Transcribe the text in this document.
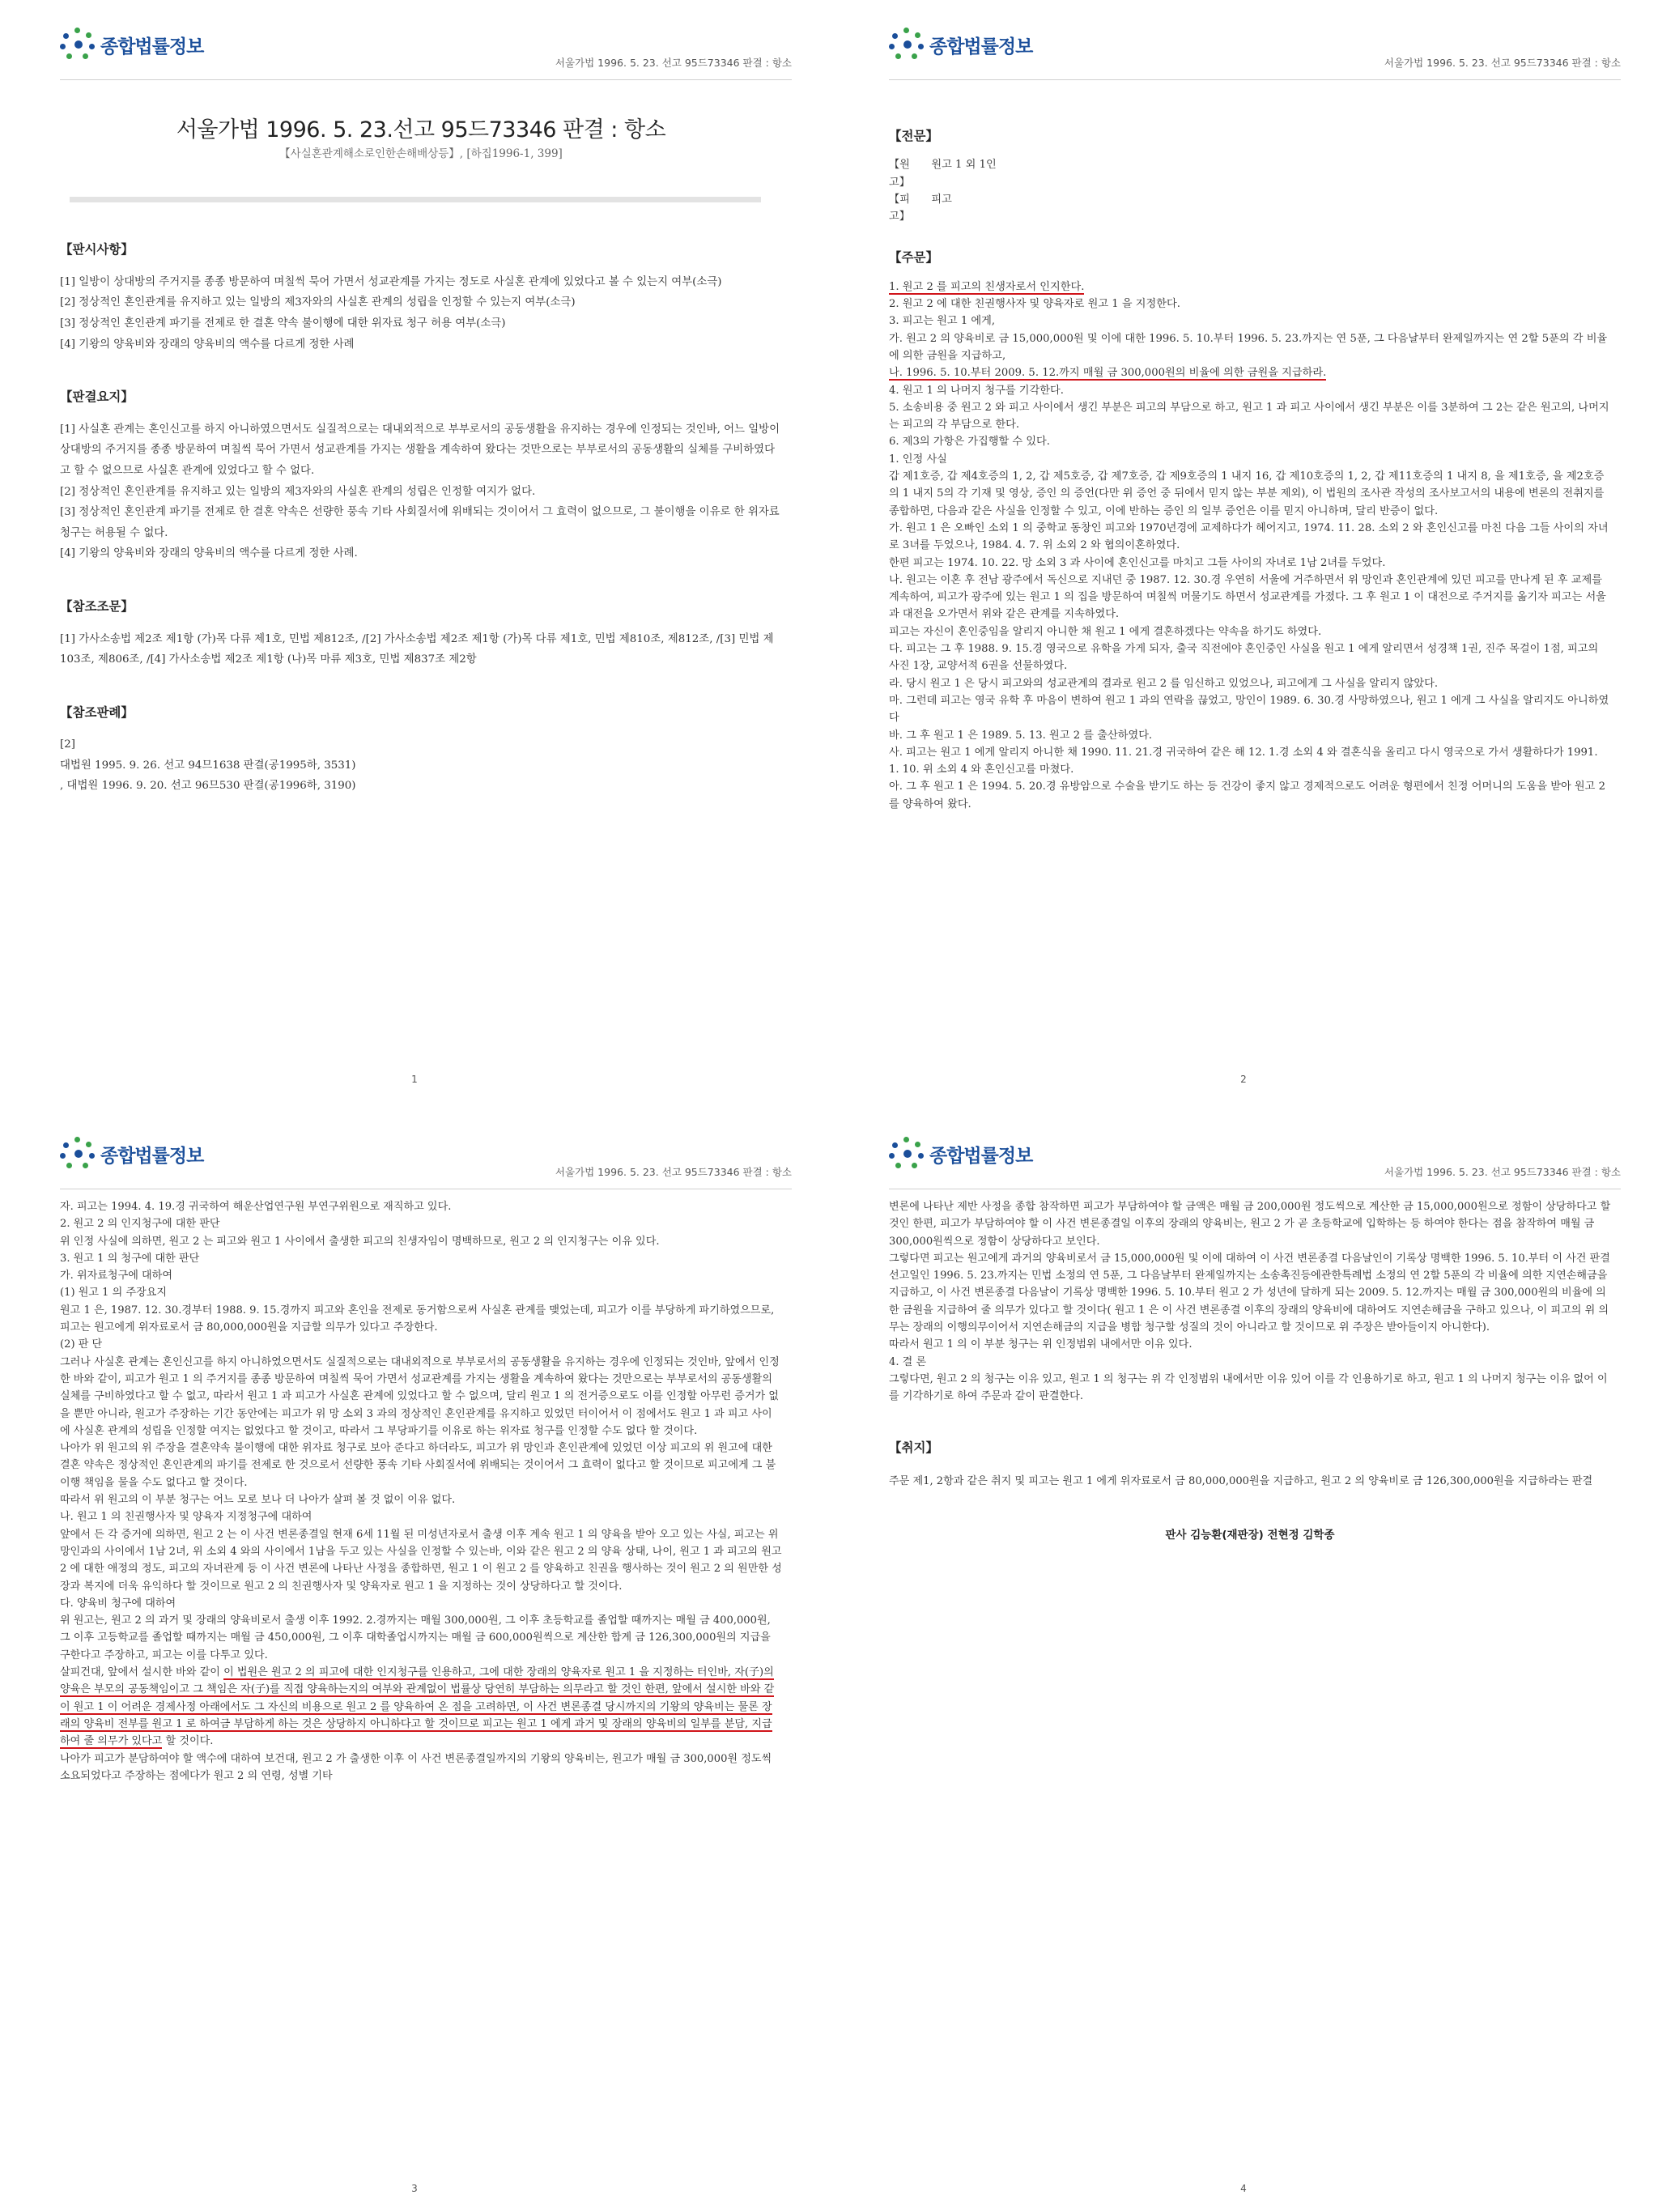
종합법률정보
서울가법 1996. 5. 23. 선고 95드73346 판결 : 항소
서울가법 1996. 5. 23.선고 95드73346 판결 : 항소
【사실혼관계해소로인한손해배상등】, [하집1996-1, 399]
【판시사항】

[1] 일방이 상대방의 주거지를 종종 방문하여 며칠씩 묵어 가면서 성교관계를 가지는 정도로 사실혼 관계에 있었다고 볼 수 있는지 여부(소극)

[2] 정상적인 혼인관계를 유지하고 있는 일방의 제3자와의 사실혼 관계의 성립을 인정할 수 있는지 여부(소극)

[3] 정상적인 혼인관계 파기를 전제로 한 결혼 약속 불이행에 대한 위자료 청구 허용 여부(소극)

[4] 기왕의 양육비와 장래의 양육비의 액수를 다르게 정한 사례

【판결요지】

[1] 사실혼 관계는 혼인신고를 하지 아니하였으면서도 실질적으로는 대내외적으로 부부로서의 공동생활을 유지하는 경우에 인정되는 것인바, 어느 일방이 상대방의 주거지를 종종 방문하여 며칠씩 묵어 가면서 성교관계를 가지는 생활을 계속하여 왔다는 것만으로는 부부로서의 공동생활의 실체를 구비하였다고 할 수 없으므로 사실혼 관계에 있었다고 할 수 없다.

[2] 정상적인 혼인관계를 유지하고 있는 일방의 제3자와의 사실혼 관계의 성립은 인정할 여지가 없다.

[3] 정상적인 혼인관계 파기를 전제로 한 결혼 약속은 선량한 풍속 기타 사회질서에 위배되는 것이어서 그 효력이 없으므로, 그 불이행을 이유로 한 위자료 청구는 허용될 수 없다.

[4] 기왕의 양육비와 장래의 양육비의 액수를 다르게 정한 사례.

【참조조문】

[1] 가사소송법 제2조 제1항 (가)목 다류 제1호, 민법 제812조, /[2] 가사소송법 제2조 제1항 (가)목 다류 제1호, 민법 제810조, 제812조, /[3] 민법 제103조, 제806조, /[4] 가사소송법 제2조 제1항 (나)목 마류 제3호, 민법 제837조 제2항

【참조판례】

[2]

대법원 1995. 9. 26. 선고 94므1638 판결(공1995하, 3531)

, 대법원 1996. 9. 20. 선고 96므530 판결(공1996하, 3190)

1
종합법률정보
서울가법 1996. 5. 23. 선고 95드73346 판결 : 항소
【전문】
【원 고】

원고 1 외 1인
【피 고】

피고
【주문】

1. 원고 2 를 피고의 친생자로서 인지한다.

2. 원고 2 에 대한 친권행사자 및 양육자로 원고 1 을 지정한다.

3. 피고는 원고 1 에게,

가. 원고 2 의 양육비로 금 15,000,000원 및 이에 대한 1996. 5. 10.부터 1996. 5. 23.까지는 연 5푼, 그 다음날부터 완제일까지는 연 2할 5푼의 각 비율에 의한 금원을 지급하고,

나. 1996. 5. 10.부터 2009. 5. 12.까지 매월 금 300,000원의 비율에 의한 금원을 지급하라.

4. 원고 1 의 나머지 청구를 기각한다.

5. 소송비용 중 원고 2 와 피고 사이에서 생긴 부분은 피고의 부담으로 하고, 원고 1 과 피고 사이에서 생긴 부분은 이를 3분하여 그 2는 같은 원고의, 나머지는 피고의 각 부담으로 한다.

6. 제3의 가항은 가집행할 수 있다.

1. 인정 사실

갑 제1호증, 갑 제4호증의 1, 2, 갑 제5호증, 갑 제7호증, 갑 제9호증의 1 내지 16, 갑 제10호증의 1, 2, 갑 제11호증의 1 내지 8, 을 제1호증, 을 제2호증의 1 내지 5의 각 기재 및 영상, 증인 의 증언(다만 위 증언 중 뒤에서 믿지 않는 부분 제외), 이 법원의 조사관 작성의 조사보고서의 내용에 변론의 전취지를 종합하면, 다음과 같은 사실을 인정할 수 있고, 이에 반하는 증인 의 일부 증언은 이를 믿지 아니하며, 달리 반증이 없다.

가. 원고 1 은 오빠인 소외 1 의 중학교 동창인 피고와 1970년경에 교제하다가 헤어지고, 1974. 11. 28. 소외 2 와 혼인신고를 마친 다음 그들 사이의 자녀로 3녀를 두었으나, 1984. 4. 7. 위 소외 2 와 협의이혼하였다.

한편 피고는 1974. 10. 22. 망 소외 3 과 사이에 혼인신고를 마치고 그들 사이의 자녀로 1남 2녀를 두었다.

나. 원고는 이혼 후 전남 광주에서 독신으로 지내던 중 1987. 12. 30.경 우연히 서울에 거주하면서 위 망인과 혼인관계에 있던 피고를 만나게 된 후 교제를 계속하여, 피고가 광주에 있는 원고 1 의 집을 방문하여 며칠씩 머물기도 하면서 성교관계를 가졌다. 그 후 원고 1 이 대전으로 주거지를 옮기자 피고는 서울과 대전을 오가면서 위와 같은 관계를 지속하였다.

피고는 자신이 혼인중임을 알리지 아니한 채 원고 1 에게 결혼하겠다는 약속을 하기도 하였다.

다. 피고는 그 후 1988. 9. 15.경 영국으로 유학을 가게 되자, 출국 직전에야 혼인중인 사실을 원고 1 에게 알리면서 성경책 1권, 진주 목걸이 1점, 피고의 사진 1장, 교양서적 6권을 선물하였다.

라. 당시 원고 1 은 당시 피고와의 성교관계의 결과로 원고 2 를 임신하고 있었으나, 피고에게 그 사실을 알리지 않았다.

마. 그런데 피고는 영국 유학 후 마음이 변하여 원고 1 과의 연락을 끊었고, 망인이 1989. 6. 30.경 사망하였으나, 원고 1 에게 그 사실을 알리지도 아니하였다

바. 그 후 원고 1 은 1989. 5. 13. 원고 2 를 출산하였다.

사. 피고는 원고 1 에게 알리지 아니한 채 1990. 11. 21.경 귀국하여 같은 해 12. 1.경 소외 4 와 결혼식을 올리고 다시 영국으로 가서 생활하다가 1991. 1. 10. 위 소외 4 와 혼인신고를 마쳤다.

아. 그 후 원고 1 은 1994. 5. 20.경 유방암으로 수술을 받기도 하는 등 건강이 좋지 않고 경제적으로도 어려운 형편에서 친정 어머니의 도움을 받아 원고 2 를 양육하여 왔다.

2
종합법률정보
서울가법 1996. 5. 23. 선고 95드73346 판결 : 항소

자. 피고는 1994. 4. 19.경 귀국하여 해운산업연구원 부연구위원으로 재직하고 있다.

2. 원고 2 의 인지청구에 대한 판단

위 인정 사실에 의하면, 원고 2 는 피고와 원고 1 사이에서 출생한 피고의 친생자임이 명백하므로, 원고 2 의 인지청구는 이유 있다.

3. 원고 1 의 청구에 대한 판단

가. 위자료청구에 대하여

(1) 원고 1 의 주장요지

원고 1 은, 1987. 12. 30.경부터 1988. 9. 15.경까지 피고와 혼인을 전제로 동거함으로써 사실혼 관계를 맺었는데, 피고가 이를 부당하게 파기하였으므로, 피고는 원고에게 위자료로서 금 80,000,000원을 지급할 의무가 있다고 주장한다.

(2) 판 단

그러나 사실혼 관계는 혼인신고를 하지 아니하였으면서도 실질적으로는 대내외적으로 부부로서의 공동생활을 유지하는 경우에 인정되는 것인바, 앞에서 인정한 바와 같이, 피고가 원고 1 의 주거지를 종종 방문하여 며칠씩 묵어 가면서 성교관계를 가지는 생활을 계속하여 왔다는 것만으로는 부부로서의 공동생활의 실체를 구비하였다고 할 수 없고, 따라서 원고 1 과 피고가 사실혼 관계에 있었다고 할 수 없으며, 달리 원고 1 의 전거증으로도 이를 인정할 아무런 증거가 없을 뿐만 아니라, 원고가 주장하는 기간 동안에는 피고가 위 망 소외 3 과의 정상적인 혼인관계를 유지하고 있었던 터이어서 이 점에서도 원고 1 과 피고 사이에 사실혼 관계의 성립을 인정할 여지는 없었다고 할 것이고, 따라서 그 부당파기를 이유로 하는 위자료 청구를 인정할 수도 없다 할 것이다.

나아가 위 원고의 위 주장을 결혼약속 불이행에 대한 위자료 청구로 보아 준다고 하더라도, 피고가 위 망인과 혼인관계에 있었던 이상 피고의 위 원고에 대한 결혼 약속은 정상적인 혼인관계의 파기를 전제로 한 것으로서 선량한 풍속 기타 사회질서에 위배되는 것이어서 그 효력이 없다고 할 것이므로 피고에게 그 불이행 책임을 물을 수도 없다고 할 것이다.

따라서 위 원고의 이 부분 청구는 어느 모로 보나 더 나아가 살펴 볼 것 없이 이유 없다.

나. 원고 1 의 친권행사자 및 양육자 지정청구에 대하여

앞에서 든 각 증거에 의하면, 원고 2 는 이 사건 변론종결일 현재 6세 11월 된 미성년자로서 출생 이후 계속 원고 1 의 양육을 받아 오고 있는 사실, 피고는 위 망인과의 사이에서 1남 2녀, 위 소외 4 와의 사이에서 1남을 두고 있는 사실을 인정할 수 있는바, 이와 같은 원고 2 의 양육 상태, 나이, 원고 1 과 피고의 원고 2 에 대한 애정의 정도, 피고의 자녀관계 등 이 사건 변론에 나타난 사정을 종합하면, 원고 1 이 원고 2 를 양육하고 친권을 행사하는 것이 원고 2 의 원만한 성장과 복지에 더욱 유익하다 할 것이므로 원고 2 의 친권행사자 및 양육자로 원고 1 을 지정하는 것이 상당하다고 할 것이다.

다. 양육비 청구에 대하여

위 원고는, 원고 2 의 과거 및 장래의 양육비로서 출생 이후 1992. 2.경까지는 매월 300,000원, 그 이후 초등학교를 졸업할 때까지는 매월 금 400,000원, 그 이후 고등학교를 졸업할 때까지는 매월 금 450,000원, 그 이후 대학졸업시까지는 매월 금 600,000원씩으로 계산한 합계 금 126,300,000원의 지급을 구한다고 주장하고, 피고는 이를 다투고 있다.

살피건대, 앞에서 설시한 바와 같이 이 법원은 원고 2 의 피고에 대한 인지청구를 인용하고, 그에 대한 장래의 양육자로 원고 1 을 지정하는 터인바, 자(子)의 양육은 부모의 공동책임이고 그 책임은 자(子)를 직접 양육하는지의 여부와 관계없이 법률상 당연히 부담하는 의무라고 할 것인 한편, 앞에서 설시한 바와 같이 원고 1 이 어려운 경제사정 아래에서도 그 자신의 비용으로 원고 2 를 양육하여 온 점을 고려하면, 이 사건 변론종결 당시까지의 기왕의 양육비는 물론 장래의 양육비 전부를 원고 1 로 하여금 부담하게 하는 것은 상당하지 아니하다고 할 것이므로 피고는 원고 1 에게 과거 및 장래의 양육비의 일부를 분담, 지급하여 줄 의무가 있다고 할 것이다.

나아가 피고가 분담하여야 할 액수에 대하여 보건대, 원고 2 가 출생한 이후 이 사건 변론종결일까지의 기왕의 양육비는, 원고가 매월 금 300,000원 정도씩 소요되었다고 주장하는 점에다가 원고 2 의 연령, 성별 기타

3
종합법률정보
서울가법 1996. 5. 23. 선고 95드73346 판결 : 항소

변론에 나타난 제반 사정을 종합 참작하면 피고가 부담하여야 할 금액은 매월 금 200,000원 정도씩으로 계산한 금 15,000,000원으로 정함이 상당하다고 할 것인 한편, 피고가 부담하여야 할 이 사건 변론종결일 이후의 장래의 양육비는, 원고 2 가 곧 초등학교에 입학하는 등 하여야 한다는 점을 참작하여 매월 금 300,000원씩으로 정함이 상당하다고 보인다.

그렇다면 피고는 원고에게 과거의 양육비로서 금 15,000,000원 및 이에 대하여 이 사건 변론종결 다음날인이 기록상 명백한 1996. 5. 10.부터 이 사건 판결선고일인 1996. 5. 23.까지는 민법 소정의 연 5푼, 그 다음날부터 완제일까지는 소송촉진등에관한특례법 소정의 연 2할 5푼의 각 비율에 의한 지연손해금을 지급하고, 이 사건 변론종결 다음날이 기록상 명백한 1996. 5. 10.부터 원고 2 가 성년에 달하게 되는 2009. 5. 12.까지는 매월 금 300,000원의 비율에 의한 금원을 지급하여 줄 의무가 있다고 할 것이다( 원고 1 은 이 사건 변론종결 이후의 장래의 양육비에 대하여도 지연손해금을 구하고 있으나, 이 피고의 위 의무는 장래의 이행의무이어서 지연손해금의 지급을 병합 청구할 성질의 것이 아니라고 할 것이므로 위 주장은 받아들이지 아니한다).

따라서 원고 1 의 이 부분 청구는 위 인정범위 내에서만 이유 있다.

4. 결 론

그렇다면, 원고 2 의 청구는 이유 있고, 원고 1 의 청구는 위 각 인정범위 내에서만 이유 있어 이를 각 인용하기로 하고, 원고 1 의 나머지 청구는 이유 없어 이를 기각하기로 하여 주문과 같이 판결한다.

【취지】

주문 제1, 2항과 같은 취지 및 피고는 원고 1 에게 위자료로서 금 80,000,000원을 지급하고, 원고 2 의 양육비로 금 126,300,000원을 지급하라는 판결

판사 김능환(재판장) 전현정 김학종
4
